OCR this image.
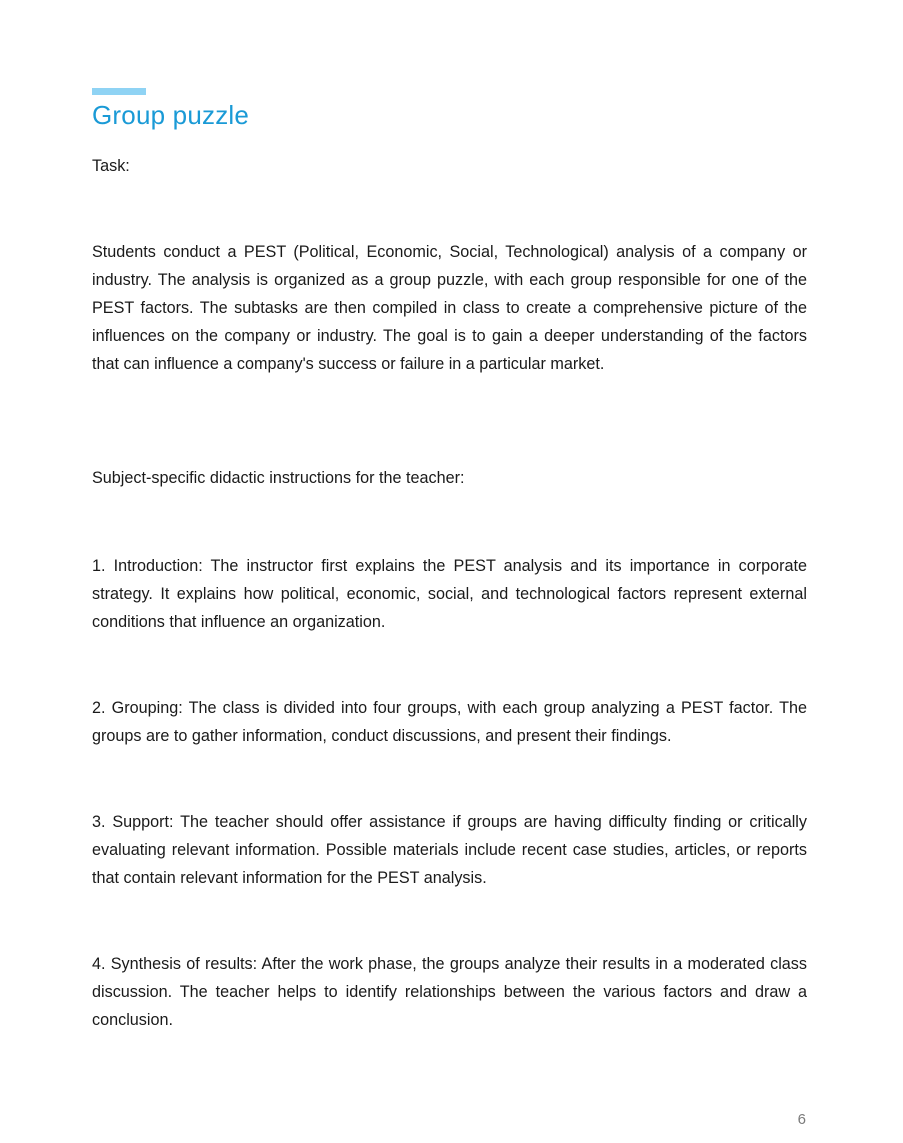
Group puzzle

Task:

Students conduct a PEST (Political, Economic, Social, Technological) analysis of a company or industry. The analysis is organized as a group puzzle, with each group responsible for one of the PEST factors. The subtasks are then compiled in class to create a comprehensive picture of the influences on the company or industry. The goal is to gain a deeper understanding of the factors that can influence a company's success or failure in a particular market.

Subject-specific didactic instructions for the teacher:

1. Introduction: The instructor first explains the PEST analysis and its importance in corporate strategy. It explains how political, economic, social, and technological factors represent external conditions that influence an organization.

2. Grouping: The class is divided into four groups, with each group analyzing a PEST factor. The groups are to gather information, conduct discussions, and present their findings.

3. Support: The teacher should offer assistance if groups are having difficulty finding or critically evaluating relevant information. Possible materials include recent case studies, articles, or reports that contain relevant information for the PEST analysis.

4. Synthesis of results: After the work phase, the groups analyze their results in a moderated class discussion. The teacher helps to identify relationships between the various factors and draw a conclusion.

6
